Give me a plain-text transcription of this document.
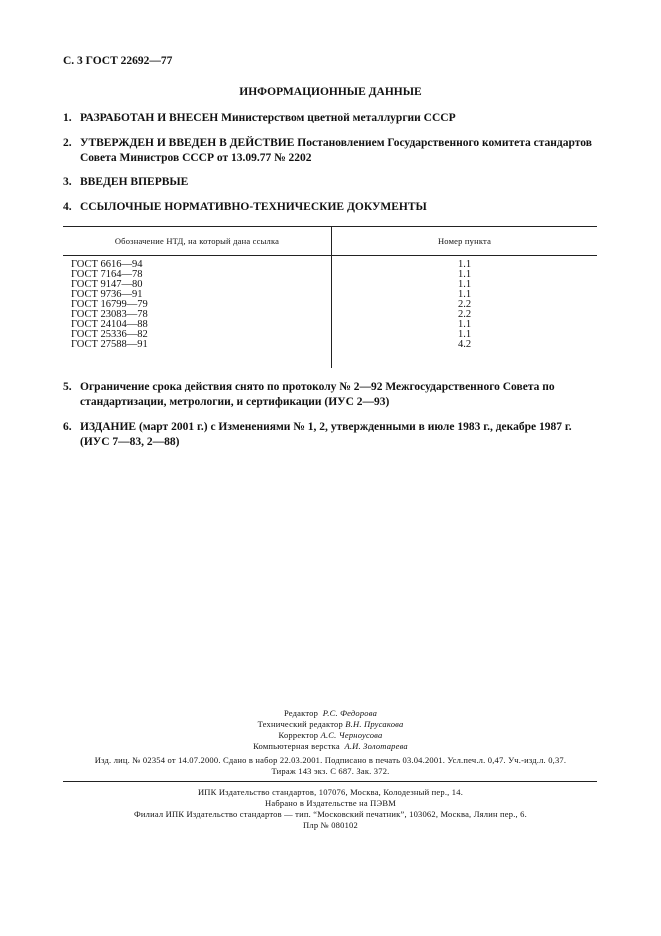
С. 3 ГОСТ 22692—77
ИНФОРМАЦИОННЫЕ ДАННЫЕ
1. РАЗРАБОТАН И ВНЕСЕН Министерством цветной металлургии СССР
2. УТВЕРЖДЕН И ВВЕДЕН В ДЕЙСТВИЕ Постановлением Государственного комитета стандартов Совета Министров СССР от 13.09.77 № 2202
3. ВВЕДЕН ВПЕРВЫЕ
4. ССЫЛОЧНЫЕ НОРМАТИВНО-ТЕХНИЧЕСКИЕ ДОКУМЕНТЫ
Обозначение НТД, на который дана ссылка	Номер пункта
ГОСТ 6616—94	1.1
ГОСТ 7164—78	1.1
ГОСТ 9147—80	1.1
ГОСТ 9736—91	1.1
ГОСТ 16799—79	2.2
ГОСТ 23083—78	2.2
ГОСТ 24104—88	1.1
ГОСТ 25336—82	1.1
ГОСТ 27588—91	4.2
5. Ограничение срока действия снято по протоколу № 2—92 Межгосударственного Совета по стандартизации, метрологии, и сертификации (ИУС 2—93)
6. ИЗДАНИЕ (март 2001 г.) с Изменениями № 1, 2, утвержденными в июле 1983 г., декабре 1987 г. (ИУС 7—83, 2—88)
Редактор Р.С. Федорова
Технический редактор В.Н. Прусакова
Корректор А.С. Черноусова
Компьютерная верстка А.И. Золотарева
Изд. лиц. № 02354 от 14.07.2000. Сдано в набор 22.03.2001. Подписано в печать 03.04.2001. Усл.печ.л. 0,47. Уч.-изд.л. 0,37.
Тираж 143 экз. С 687. Зак. 372.
ИПК Издательство стандартов, 107076, Москва, Колодезный пер., 14.
Набрано в Издательстве на ПЭВМ
Филиал ИПК Издательство стандартов — тип. “Московский печатник”, 103062, Москва, Лялин пер., 6.
Плр № 080102
